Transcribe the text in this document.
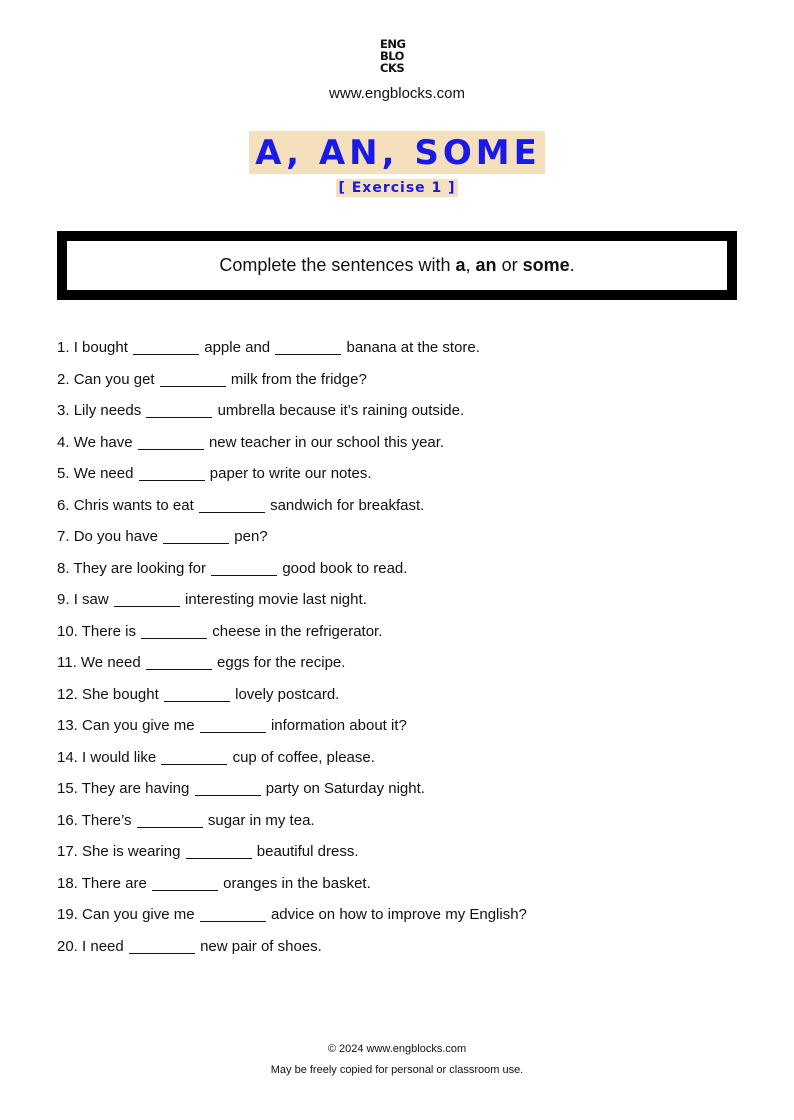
ENG
BLO
CKS
www.engblocks.com
A, AN, SOME
[ Exercise 1 ]
Complete the sentences with a, an or some.
1. I bought	apple and	banana at the store.
2. Can you get	milk from the fridge?
3. Lily needs	umbrella because it’s raining outside.
4. We have	new teacher in our school this year.
5. We need	paper to write our notes.
6. Chris wants to eat	sandwich for breakfast.
7. Do you have	pen?
8. They are looking for	good book to read.
9. I saw	interesting movie last night.
10. There is	cheese in the refrigerator.
11. We need	eggs for the recipe.
12. She bought	lovely postcard.
13. Can you give me	information about it?
14. I would like	cup of coffee, please.
15. They are having	party on Saturday night.
16. There’s	sugar in my tea.
17. She is wearing	beautiful dress.
18. There are	oranges in the basket.
19. Can you give me	advice on how to improve my English?
20. I need	new pair of shoes.
© 2024 www.engblocks.com
May be freely copied for personal or classroom use.
